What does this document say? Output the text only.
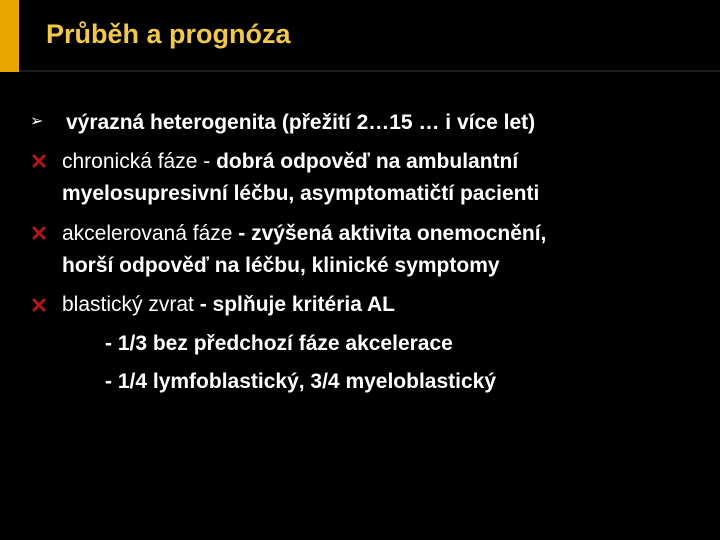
Průběh a prognóza
➢ výrazná heterogenita (přežití 2…15 … i více let)
chronická fáze - dobrá odpověď na ambulantní
myelosupresivní léčbu, asymptomatičtí pacienti
akcelerovaná fáze - zvýšená aktivita onemocnění,
horší odpověď na léčbu, klinické symptomy
blastický zvrat - splňuje kritéria AL
- 1/3 bez předchozí fáze akcelerace
- 1/4 lymfoblastický, 3/4 myeloblastický
